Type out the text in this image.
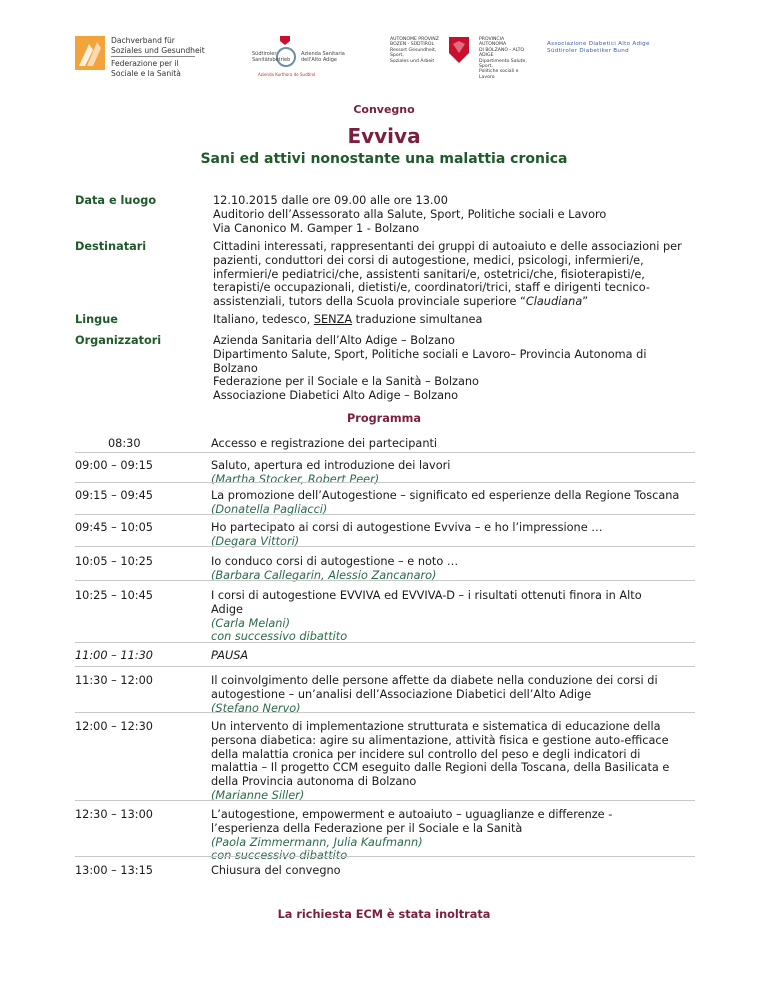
Dachverband für
Soziales und Gesundheit
Federazione per il
Sociale e la Sanità
Südtiroler
Sanitätsbetrieb
Azienda Sanitaria
dell'Alto Adige
Azienda Kurthora de Sudtirol
AUTONOME PROVINZ
BOZEN - SÜDTIROL
Ressort Gesundheit, Sport,
Soziales und Arbeit
PROVINCIA AUTONOMA
DI BOLZANO - ALTO ADIGE
Dipartimento Salute, Sport,
Politiche sociali e Lavoro
Associazione Diabetici Alto Adige
Südtiroler Diabetiker Bund
Convegno
Evviva
Sani ed attivi nonostante una malattia cronica
Data e luogo	12.10.2015 dalle ore 09.00 alle ore 13.00
Auditorio dell’Assessorato alla Salute, Sport, Politiche sociali e Lavoro
Via Canonico M. Gamper 1 - Bolzano
Destinatari	Cittadini interessati, rappresentanti dei gruppi di autoaiuto e delle associazioni per
pazienti, conduttori dei corsi di autogestione, medici, psicologi, infermieri/e,
infermieri/e pediatrici/che, assistenti sanitari/e, ostetrici/che, fisioterapisti/e,
terapisti/e occupazionali, dietisti/e, coordinatori/trici, staff e dirigenti tecnico-
assistenziali, tutors della Scuola provinciale superiore “Claudiana”
Lingue	Italiano, tedesco, SENZA traduzione simultanea
Organizzatori	Azienda Sanitaria dell’Alto Adige – Bolzano
Dipartimento Salute, Sport, Politiche sociali e Lavoro– Provincia Autonoma di
Bolzano
Federazione per il Sociale e la Sanità – Bolzano
Associazione Diabetici Alto Adige – Bolzano
Programma
08:30	Accesso e registrazione dei partecipanti
09:00 – 09:15	Saluto, apertura ed introduzione dei lavori
(Martha Stocker, Robert Peer)
09:15 – 09:45	La promozione dell’Autogestione – significato ed esperienze della Regione Toscana
(Donatella Pagliacci)
09:45 – 10:05	Ho partecipato ai corsi di autogestione Evviva – e ho l’impressione …
(Degara Vittori)
10:05 – 10:25	Io conduco corsi di autogestione – e noto …
(Barbara Callegarin, Alessio Zancanaro)
10:25 – 10:45	I corsi di autogestione EVVIVA ed EVVIVA-D – i risultati ottenuti finora in Alto
Adige
(Carla Melani)
con successivo dibattito
11:00 – 11:30	PAUSA
11:30 – 12:00	Il coinvolgimento delle persone affette da diabete nella conduzione dei corsi di
autogestione – un’analisi dell’Associazione Diabetici dell’Alto Adige
(Stefano Nervo)
12:00 – 12:30	Un intervento di implementazione strutturata e sistematica di educazione della
persona diabetica: agire su alimentazione, attività fisica e gestione auto-efficace
della malattia cronica per incidere sul controllo del peso e degli indicatori di
malattia – Il progetto CCM eseguito dalle Regioni della Toscana, della Basilicata e
della Provincia autonoma di Bolzano
(Marianne Siller)
12:30 – 13:00	L’autogestione, empowerment e autoaiuto – uguaglianze e differenze -
l’esperienza della Federazione per il Sociale e la Sanità
(Paola Zimmermann, Julia Kaufmann)
con successivo dibattito
13:00 – 13:15	Chiusura del convegno
La richiesta ECM è stata inoltrata
